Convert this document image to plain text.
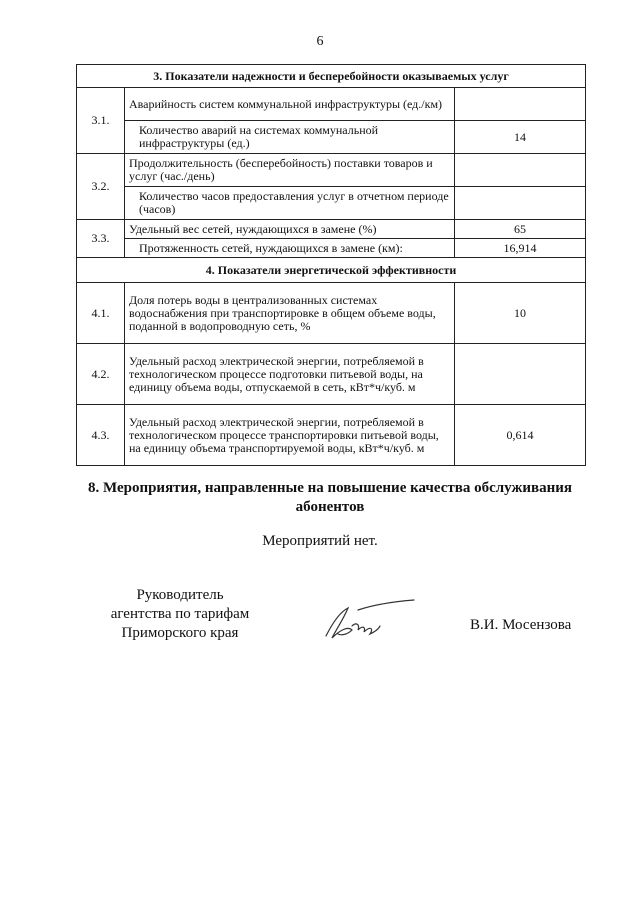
6
3. Показатели надежности и бесперебойности оказываемых услуг		
3.1.	Аварийность систем коммунальной инфраструктуры (ед./км)	
	Количество аварий на системах коммунальной инфраструктуры (ед.)	14
3.2.	Продолжительность (бесперебойность) поставки товаров и услуг (час./день)	
	Количество часов предоставления услуг в отчетном периоде (часов)	
3.3.	Удельный вес сетей, нуждающихся в замене (%)	65
	Протяженность сетей, нуждающихся в замене (км):	16,914
4. Показатели энергетической эффективности		
4.1.	Доля потерь воды в централизованных системах водоснабжения при транспортировке в общем объеме воды, поданной в водопроводную сеть, %	10
4.2.	Удельный расход электрической энергии, потребляемой в технологическом процессе подготовки питьевой воды, на единицу объема воды, отпускаемой в сеть, кВт*ч/куб. м	
4.3.	Удельный расход электрической энергии, потребляемой в технологическом процессе транспортировки питьевой воды, на единицу объема транспортируемой воды, кВт*ч/куб. м	0,614
8. Мероприятия, направленные на повышение качества обслуживания абонентов
Мероприятий нет.
Руководитель
агентства по тарифам
Приморского края	В.И. Мосензова
